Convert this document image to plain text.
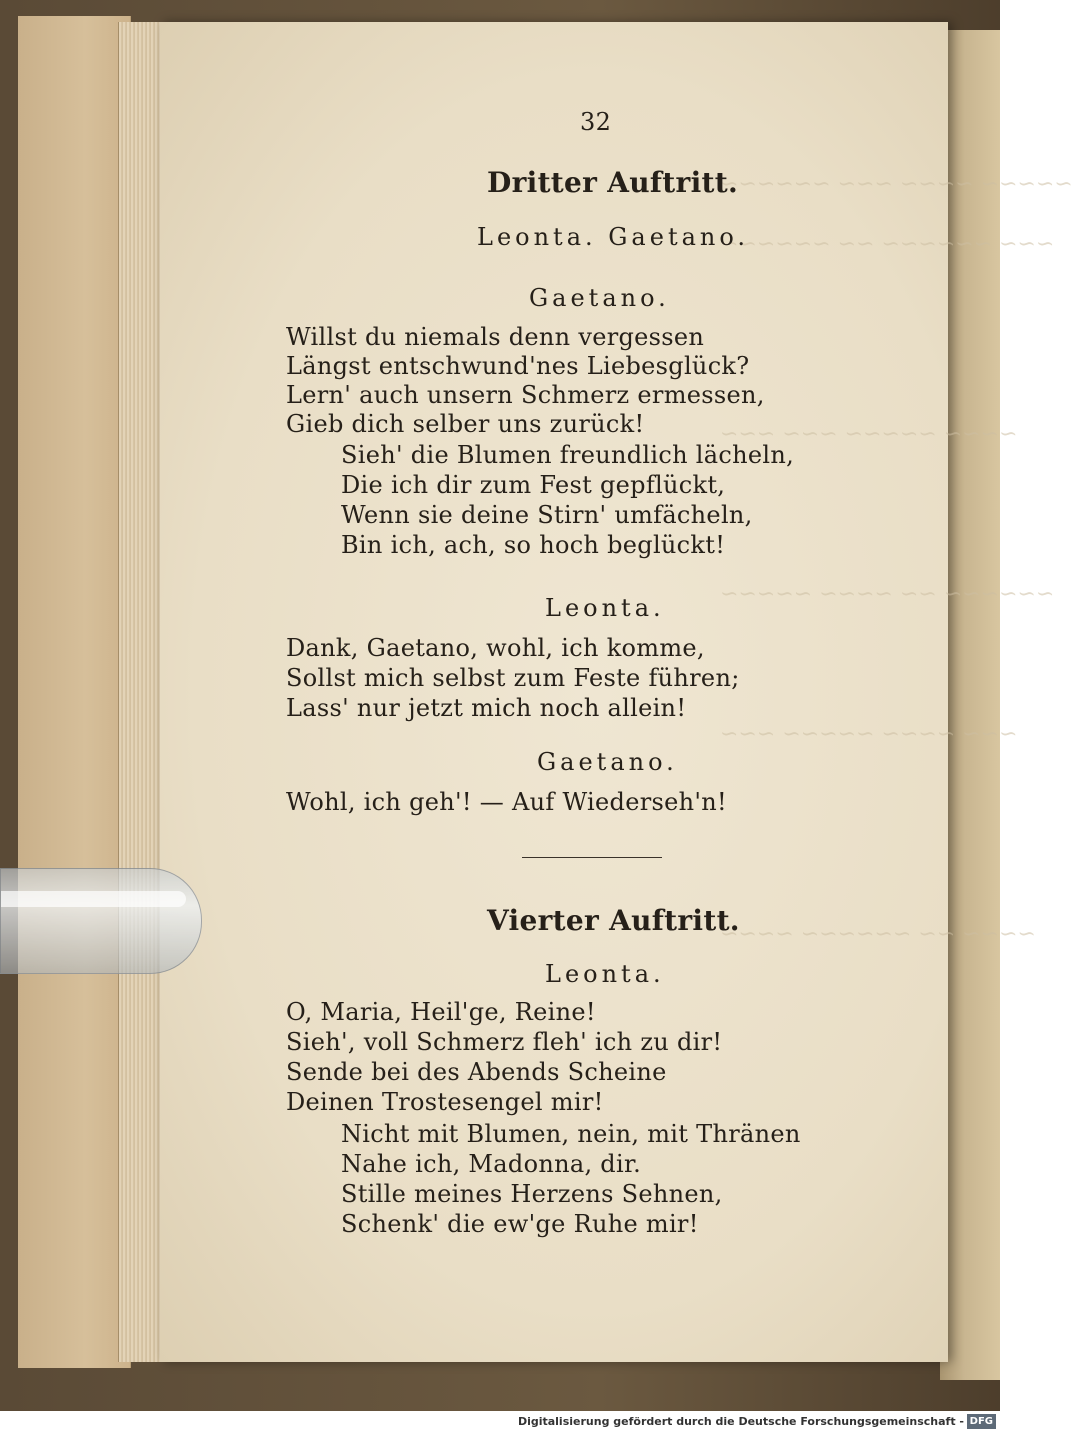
~~~~~ ~~~~ ~~~ ~~~~~~
~~~ ~~~~~~ ~~ ~~~~~~
~~~~ ~~~~~ ~~~ ~~~
~~~~~~ ~~ ~~~~ ~~~~~
~~~ ~~~~ ~~~~~ ~~~
~~~~ ~~ ~~~~~~ ~~~~
32
Dritter Auftritt.
Leonta. Gaetano.
Gaetano.
Willst du niemals denn vergessen
Längst entschwund'nes Liebesglück?
Lern' auch unsern Schmerz ermessen,
Gieb dich selber uns zurück!
Sieh' die Blumen freundlich lächeln,
Die ich dir zum Fest gepflückt,
Wenn sie deine Stirn' umfächeln,
Bin ich, ach, so hoch beglückt!
Leonta.
Dank, Gaetano, wohl, ich komme,
Sollst mich selbst zum Feste führen;
Lass' nur jetzt mich noch allein!
Gaetano.
Wohl, ich geh'! — Auf Wiederseh'n!
Vierter Auftritt.
Leonta.
O, Maria, Heil'ge, Reine!
Sieh', voll Schmerz fleh' ich zu dir!
Sende bei des Abends Scheine
Deinen Trostesengel mir!
Nicht mit Blumen, nein, mit Thränen
Nahe ich, Madonna, dir.
Stille meines Herzens Sehnen,
Schenk' die ew'ge Ruhe mir!
Digitalisierung gefördert durch die Deutsche Forschungsgemeinschaft - DFG
